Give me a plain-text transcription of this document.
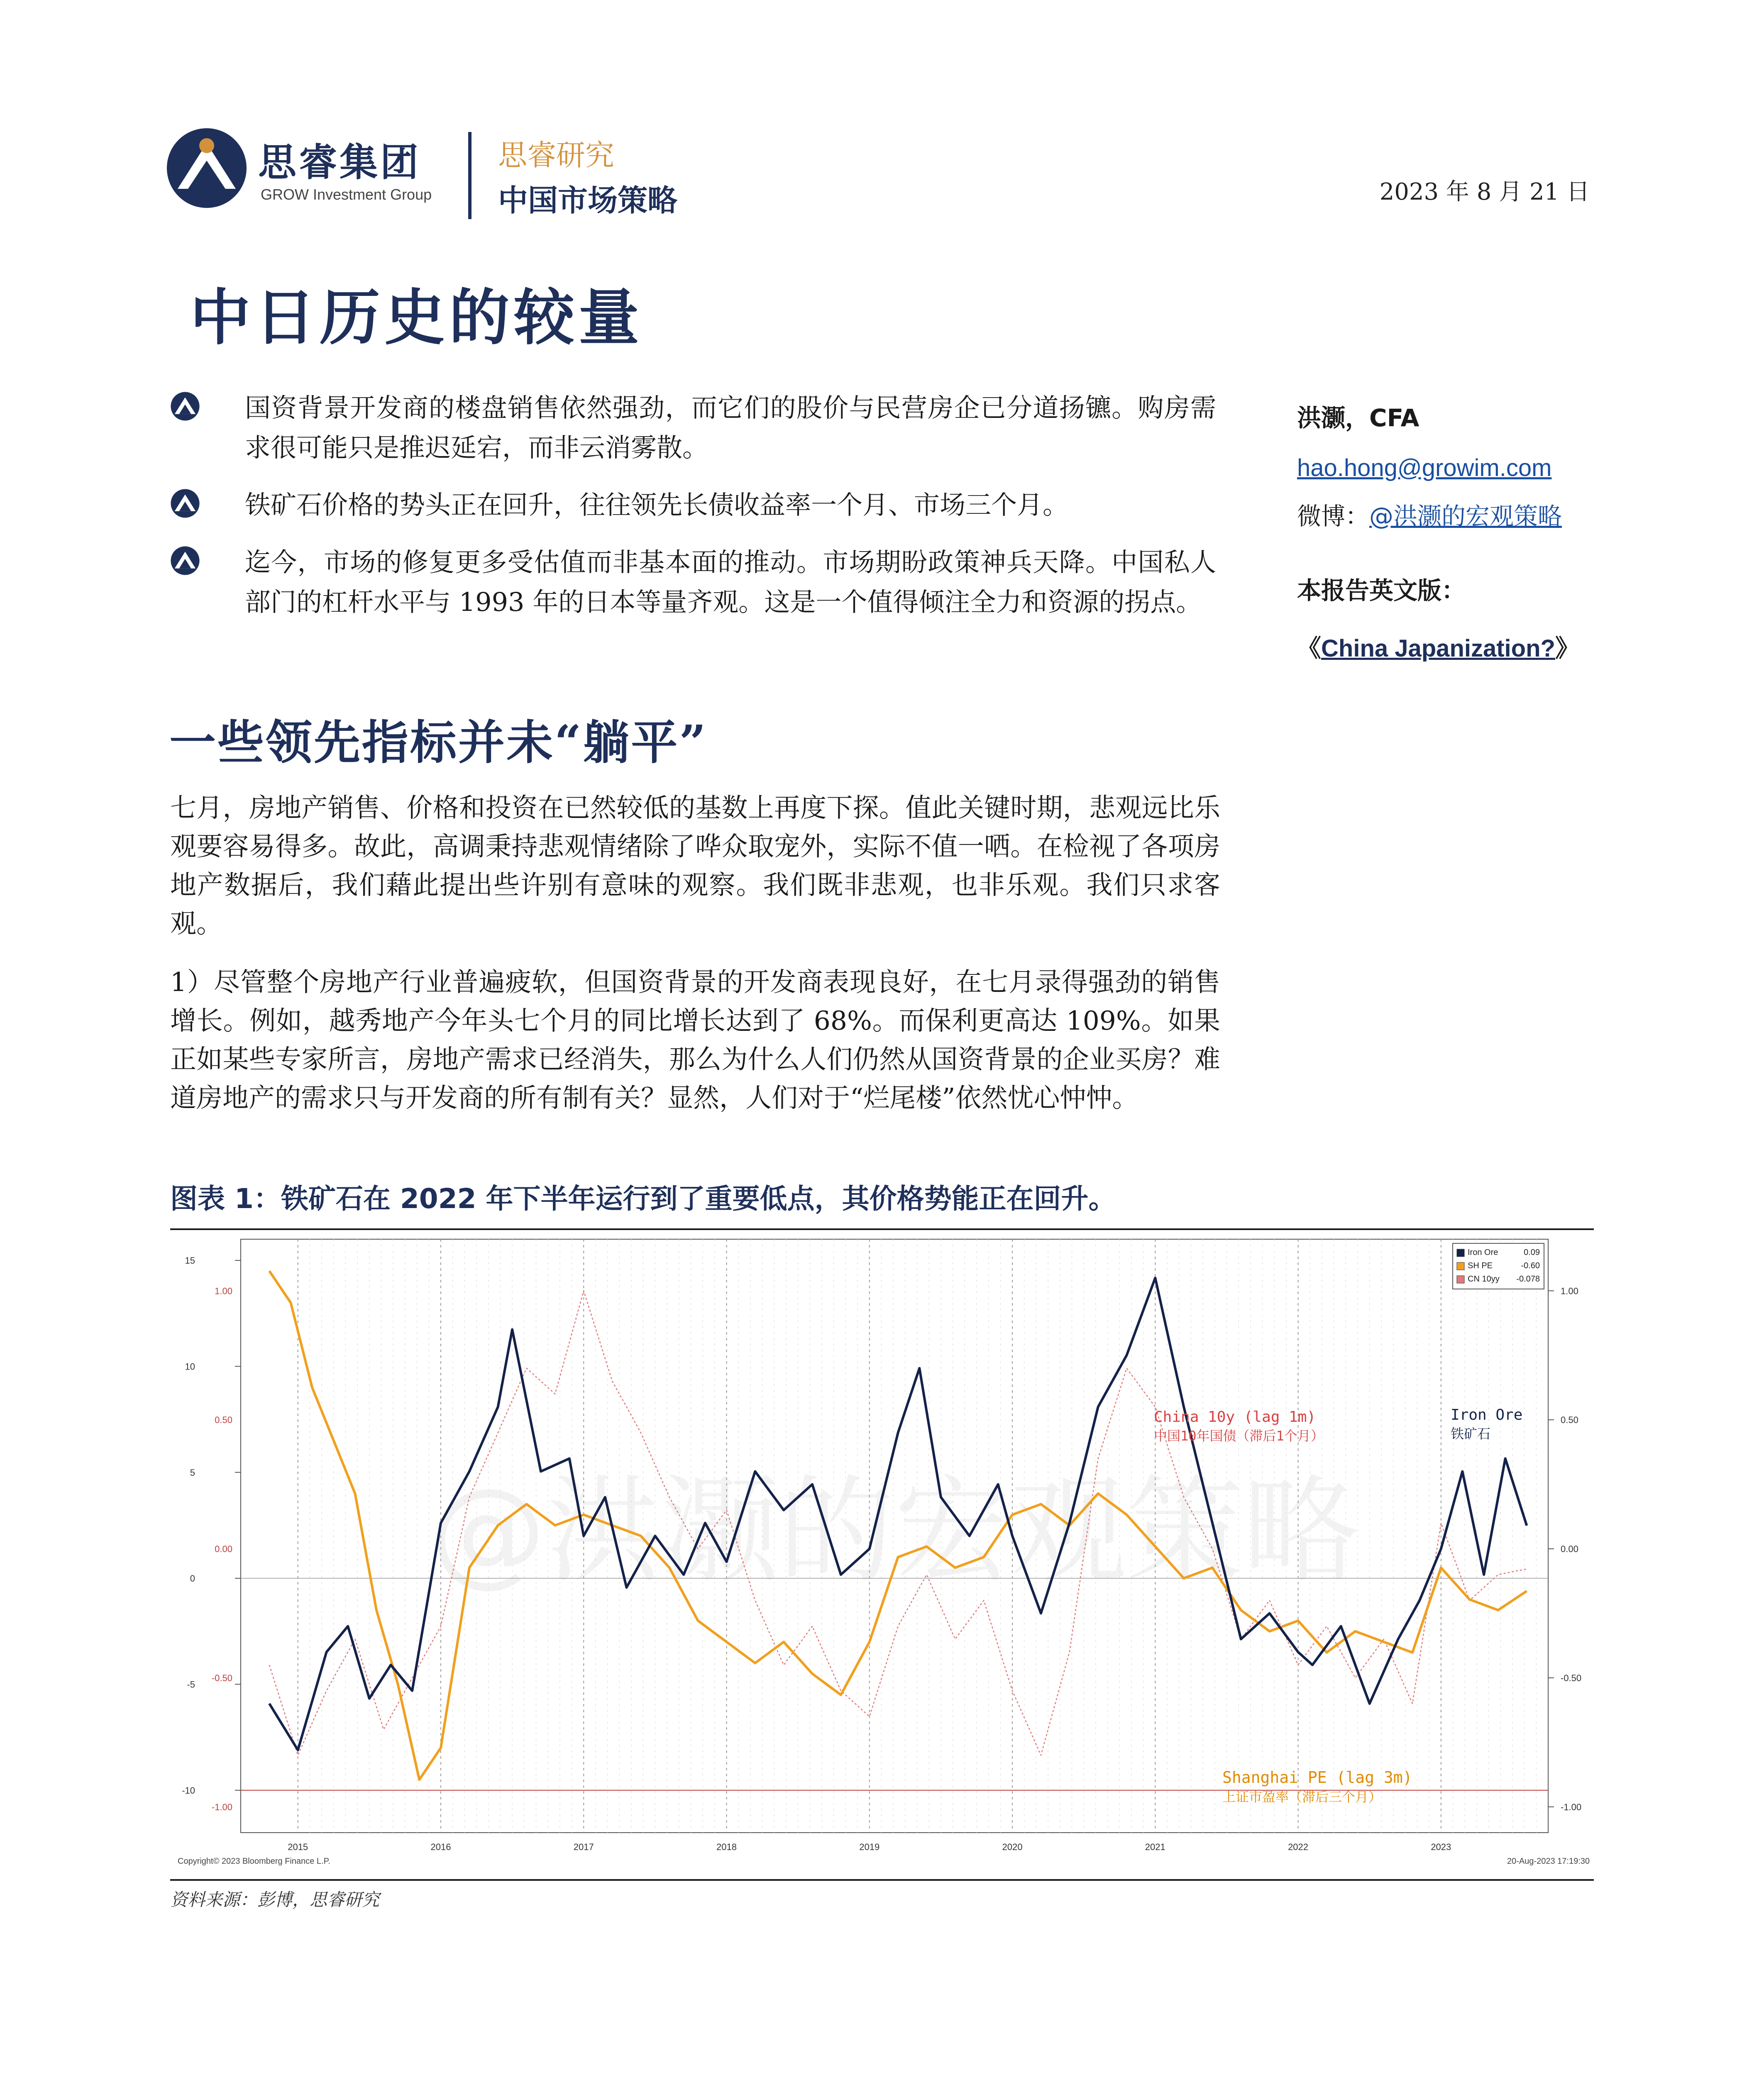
思睿集团
GROW Investment Group
思睿研究
中国市场策略	2023 年 8 月 21 日
中日历史的较量
国资背景开发商的楼盘销售依然强劲，而它们的股价与民营房企已分道扬镳。购房需求很可能只是推迟延宕，而非云消雾散。
铁矿石价格的势头正在回升，往往领先长债收益率一个月、市场三个月。
迄今，市场的修复更多受估值而非基本面的推动。市场期盼政策神兵天降。中国私人部门的杠杆水平与 1993 年的日本等量齐观。这是一个值得倾注全力和资源的拐点。
洪灏，CFA
hao.hong@growim.com
微博：@洪灏的宏观策略
本报告英文版：
《China Japanization?》
一些领先指标并未“躺平”
七月，房地产销售、价格和投资在已然较低的基数上再度下探。值此关键时期，悲观远比乐观要容易得多。故此，高调秉持悲观情绪除了哗众取宠外，实际不值一哂。在检视了各项房地产数据后，我们藉此提出些许别有意味的观察。我们既非悲观，也非乐观。我们只求客观。
1）尽管整个房地产行业普遍疲软，但国资背景的开发商表现良好，在七月录得强劲的销售增长。例如，越秀地产今年头七个月的同比增长达到了 68%。而保利更高达 109%。如果正如某些专家所言，房地产需求已经消失，那么为什么人们仍然从国资背景的企业买房？难道房地产的需求只与开发商的所有制有关？显然，人们对于“烂尾楼”依然忧心忡忡。
图表 1：铁矿石在 2022 年下半年运行到了重要低点，其价格势能正在回升。
@洪灏的宏观策略
2015	2016	2017	2018	2019	2020	2021	2022	2023
15
10
5
0
-5
-10
1.00
0.50
0.00
-0.50
-1.00
1.00
0.50
0.00
-0.50
-1.00
Iron Ore	0.09
SH PE	-0.60
CN 10yy -0.078
China 10y (lag 1m)
中国10年国债（滞后1个月）
Iron Ore
铁矿石
Shanghai PE (lag 3m)
上证市盈率（滞后三个月）
Copyright© 2023 Bloomberg Finance L.P.	20-Aug-2023 17:19:30
资料来源：彭博，思睿研究
